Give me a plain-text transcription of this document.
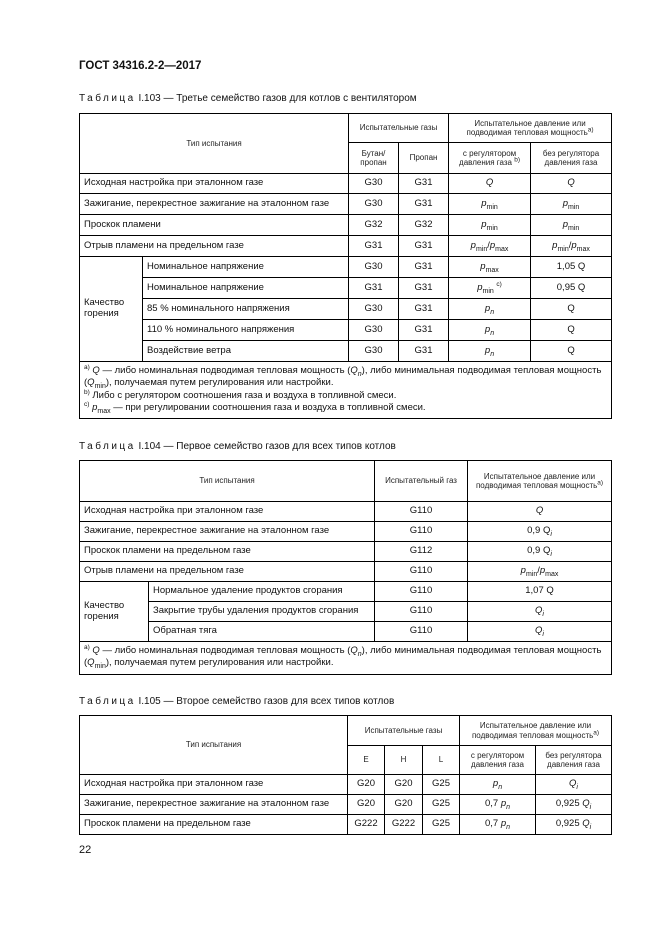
ГОСТ 34316.2-2—2017
Таблица I.103 — Третье семейство газов для котлов с вентилятором
Тип испытания		Испытательные газы		Испытательное давление или подводимая тепловая мощность$^{а)}$
		Бутан/ пропан	Пропан	с регулятором давления газа $^{b)}$	без регулятора давления газа
Исходная настройка при эталонном газе		G30	G31	Q	Q
Зажигание, перекрестное зажигание на эталонном газе		G30	G31	$p_{min}$	$p_{min}$
Проскок пламени		G32	G32	$p_{min}$	$p_{min}$
Отрыв пламени на предельном газе		G31	G31	$p_{min}/p_{max}$	$p_{min}/p_{max}$
Качество горения	Номинальное напряжение	G30	G31	$p_{max}$	1,05 Q
	Номинальное напряжение	G31	G31	$p_{min}$ $^{c)}$	0,95 Q
	85 % номинального напряжения	G30	G31	$p_n$	Q
	110 % номинального напряжения	G30	G31	$p_n$	Q
	Воздействие ветра	G30	G31	$p_n$	Q

$^{a)}$ Q — либо номинальная подводимая тепловая мощность $(Q_n)$, либо минимальная подводимая тепловая мощность $(Q_{min})$, получаемая путем регулирования или настройки.
$^{b)}$ Либо с регулятором соотношения газа и воздуха в топливной смеси.
$^{c)}$ $p_{max}$ — при регулировании соотношения газа и воздуха в топливной смеси.					
Таблица I.104 — Первое семейство газов для всех типов котлов
Тип испытания		Испытательный газ	Испытательное давление или подводимая тепловая мощность$^{а)}$
Исходная настройка при эталонном газе		G110	Q
Зажигание, перекрестное зажигание на эталонном газе		G110	0,9 $Q_i$
Проскок пламени на предельном газе		G112	0,9 $Q_i$
Отрыв пламени на предельном газе		G110	$p_{min}/p_{max}$
Качество горения	Нормальное удаление продуктов сгорания	G110	1,07 Q
	Закрытие трубы удаления продуктов сгорания	G110	$Q_i$
	Обратная тяга	G110	$Q_i$

$^{а)}$ Q — либо номинальная подводимая тепловая мощность $(Q_n)$, либо минимальная подводимая тепловая мощность $(Q_{min})$, получаемая путем регулирования или настройки.			
Таблица I.105 — Второе семейство газов для всех типов котлов
Тип испытания	Испытательные газы			Испытательное давление или подводимая тепловая мощность$^{а)}$
	E	H	L	с регулятором давления газа	без регулятора давления газа
Исходная настройка при эталонном газе	G20	G20	G25	$p_n$	$Q_i$
Зажигание, перекрестное зажигание на эталонном газе	G20	G20	G25	0,7 $p_n$	0,925 $Q_i$
Проскок пламени на предельном газе	G222	G222	G25	0,7 $p_n$	0,925 $Q_i$
22
